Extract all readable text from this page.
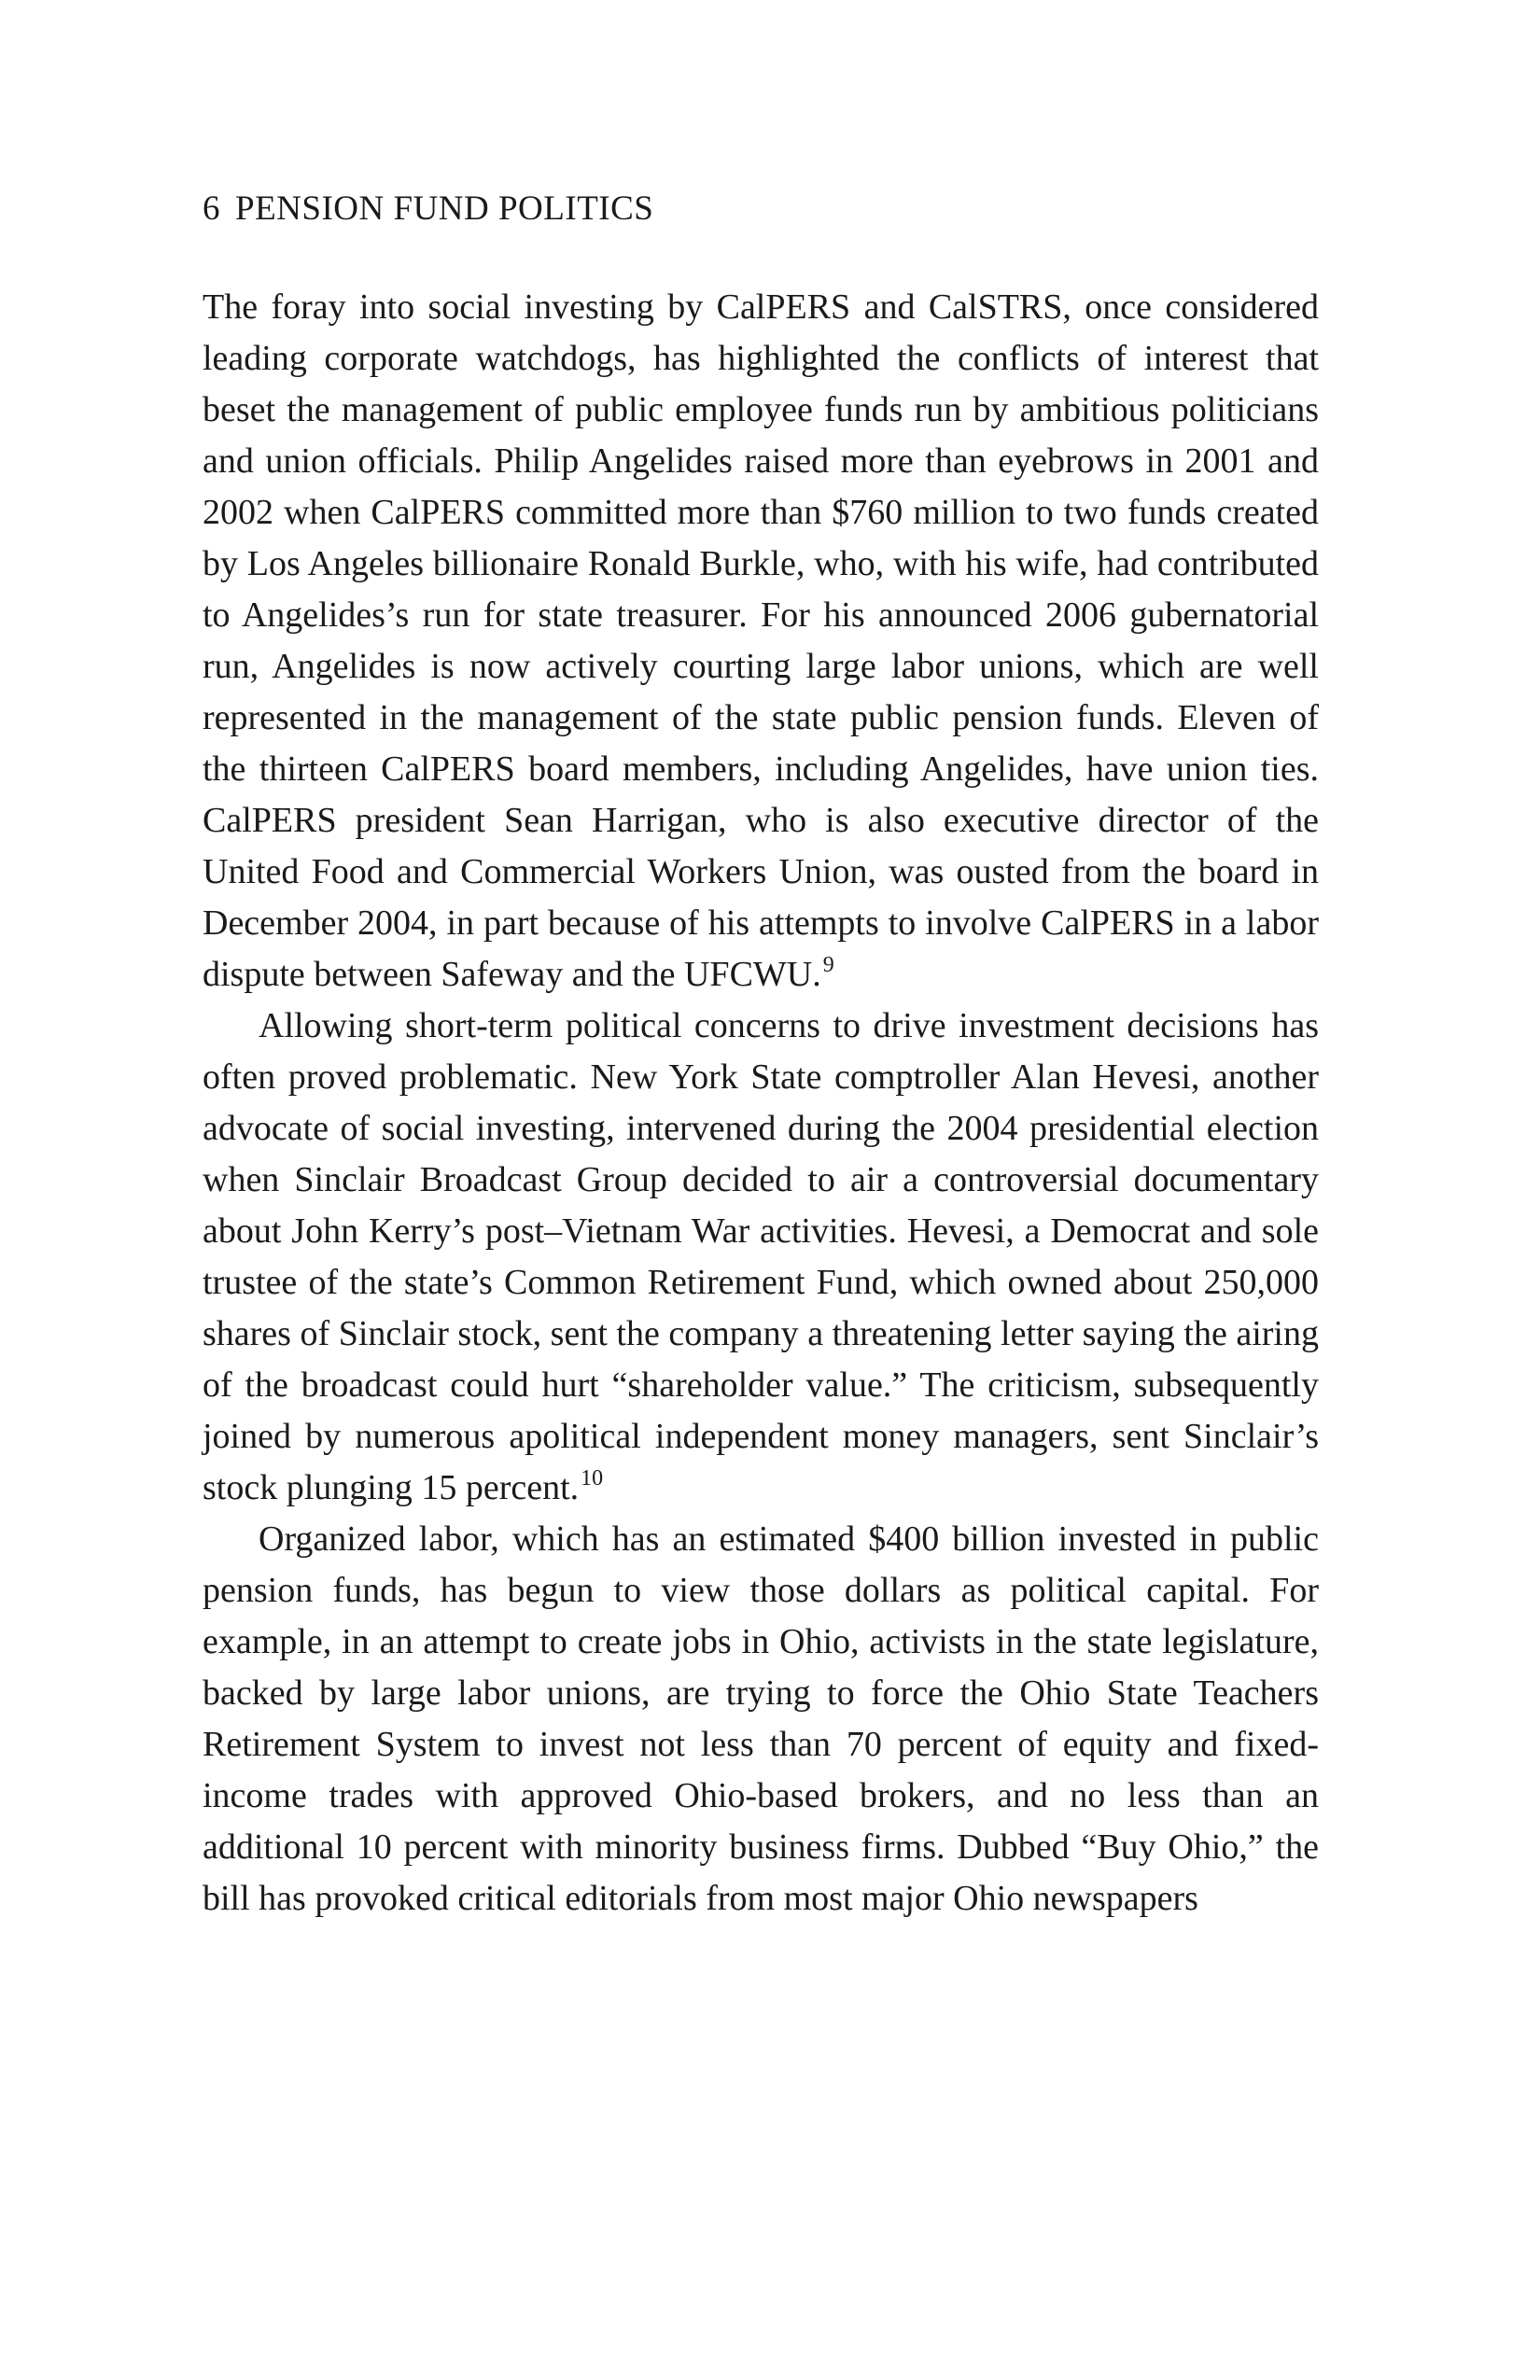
6 PENSION FUND POLITICS

The foray into social investing by CalPERS and CalSTRS, once considered leading corporate watchdogs, has highlighted the conflicts of interest that beset the management of public employee funds run by ambitious politicians and union officials. Philip Angelides raised more than eyebrows in 2001 and 2002 when CalPERS committed more than $760 million to two funds created by Los Angeles billionaire Ronald Burkle, who, with his wife, had contributed to Angelides’s run for state treasurer. For his announced 2006 gubernatorial run, Angelides is now actively courting large labor unions, which are well represented in the management of the state public pension funds. Eleven of the thirteen CalPERS board members, including Angelides, have union ties. CalPERS president Sean Harrigan, who is also executive director of the United Food and Commercial Workers Union, was ousted from the board in December 2004, in part because of his attempts to involve CalPERS in a labor dispute between Safeway and the UFCWU.$^9$

Allowing short-term political concerns to drive investment decisions has often proved problematic. New York State comptroller Alan Hevesi, another advocate of social investing, intervened during the 2004 presidential election when Sinclair Broadcast Group decided to air a controversial documentary about John Kerry’s post–Vietnam War activities. Hevesi, a Democrat and sole trustee of the state’s Common Retirement Fund, which owned about 250,000 shares of Sinclair stock, sent the company a threatening letter saying the airing of the broadcast could hurt “shareholder value.” The criticism, subsequently joined by numerous apolitical independent money managers, sent Sinclair’s stock plunging 15 percent.$^{10}$

Organized labor, which has an estimated $400 billion invested in public pension funds, has begun to view those dollars as political capital. For example, in an attempt to create jobs in Ohio, activists in the state legislature, backed by large labor unions, are trying to force the Ohio State Teachers Retirement System to invest not less than 70 percent of equity and fixed-income trades with approved Ohio-based brokers, and no less than an additional 10 percent with minority business firms. Dubbed “Buy Ohio,” the bill has provoked critical editorials from most major Ohio newspapers
